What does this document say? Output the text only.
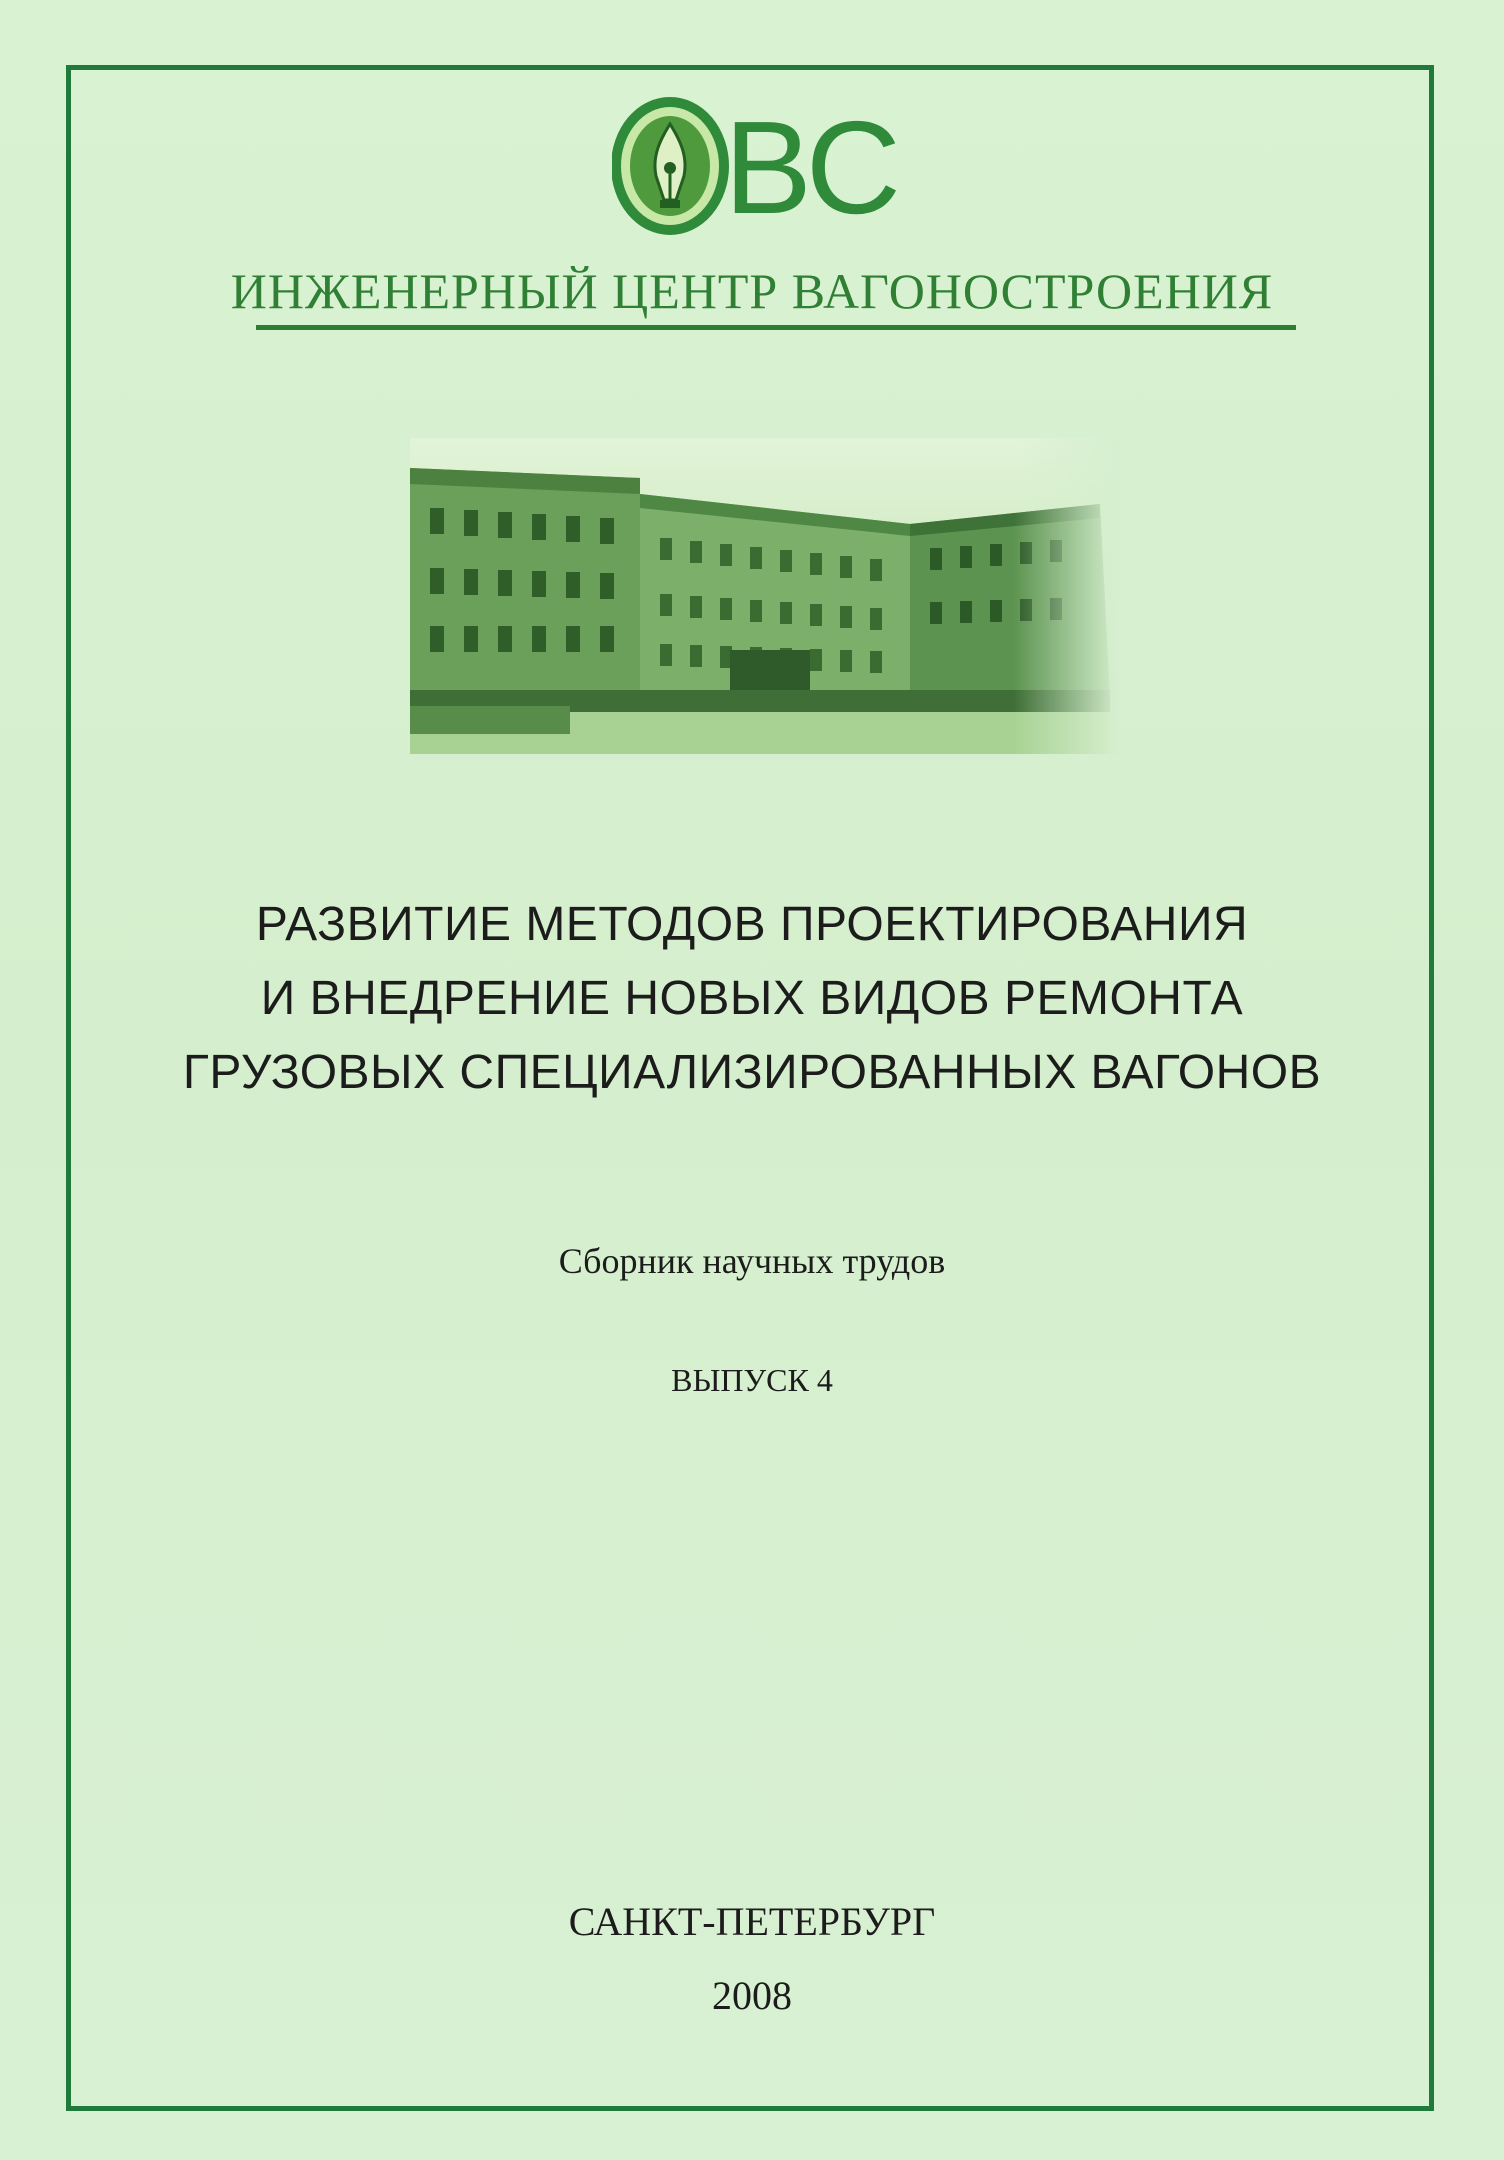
ВС
ИНЖЕНЕРНЫЙ ЦЕНТР ВАГОНОСТРОЕНИЯ
РАЗВИТИЕ МЕТОДОВ ПРОЕКТИРОВАНИЯ
И ВНЕДРЕНИЕ НОВЫХ ВИДОВ РЕМОНТА
ГРУЗОВЫХ СПЕЦИАЛИЗИРОВАННЫХ ВАГОНОВ
Сборник научных трудов
ВЫПУСК 4
САНКТ-ПЕТЕРБУРГ
2008
